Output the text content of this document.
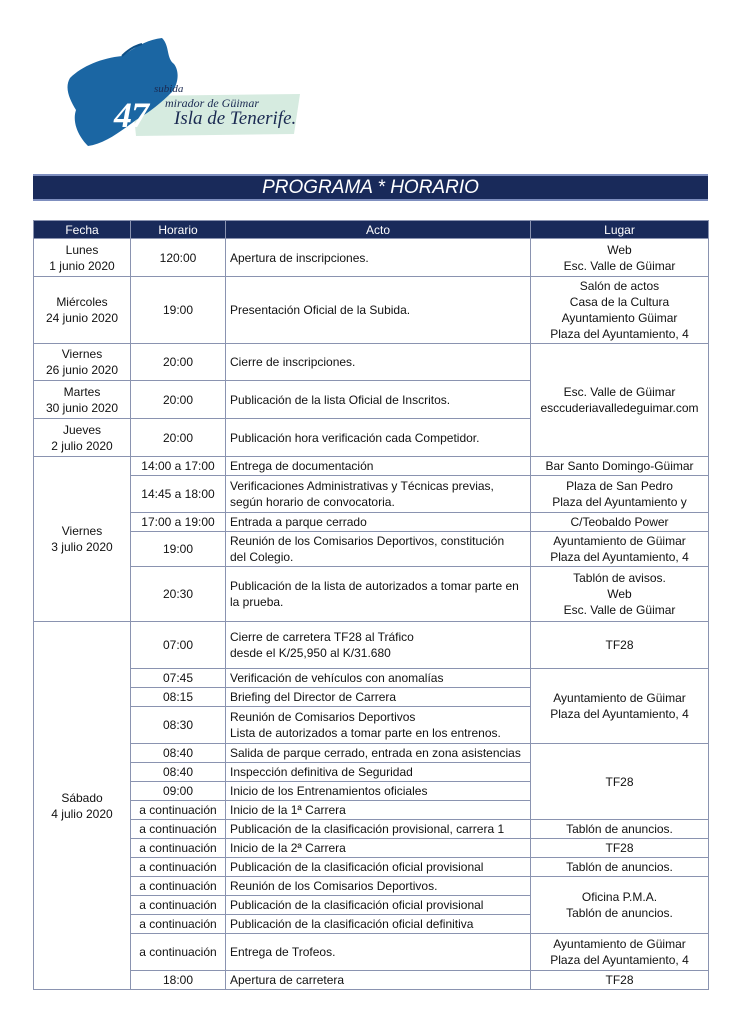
47
subida
mirador de Güimar
Isla de Tenerife.
PROGRAMA * HORARIO
Fecha	Horario	Acto	Lugar
Lunes
1 junio 2020	120:00	Apertura de inscripciones.	Web
Esc. Valle de Güimar
Miércoles
24 junio 2020	19:00	Presentación Oficial de la Subida.	Salón de actos
Casa de la Cultura
Ayuntamiento Güimar
Plaza del Ayuntamiento, 4
Viernes
26 junio 2020	20:00	Cierre de inscripciones.	Esc. Valle de Güimar
esccuderiavalledeguimar.com
Martes
30 junio 2020	20:00	Publicación de la lista Oficial de Inscritos.	
Jueves
2 julio 2020	20:00	Publicación hora verificación cada Competidor.	
Viernes
3 julio 2020	14:00 a 17:00	Entrega de documentación	Bar Santo Domingo-Güimar
	14:45 a 18:00	Verificaciones Administrativas y Técnicas previas,
según horario de convocatoria.	Plaza de San Pedro
Plaza del Ayuntamiento y

	17:00 a 19:00	Entrada a parque cerrado	C/Teobaldo Power
	19:00	Reunión de los Comisarios Deportivos, constitución
del Colegio.	Ayuntamiento de Güimar
Plaza del Ayuntamiento, 4
	20:30	Publicación de la lista de autorizados a tomar parte en
la prueba.	Tablón de avisos.
Web
Esc. Valle de Güimar
Sábado
4 julio 2020	07:00	Cierre de carretera TF28 al Tráfico
desde el K/25,950 al K/31.680	TF28
	07:45	Verificación de vehículos con anomalías	Ayuntamiento de Güimar
Plaza del Ayuntamiento, 4
	08:15	Briefing del Director de Carrera	
	08:30	Reunión de Comisarios Deportivos
Lista de autorizados a tomar parte en los entrenos.	
	08:40	Salida de parque cerrado, entrada en zona asistencias	TF28
	08:40	Inspección definitiva de Seguridad	
	09:00	Inicio de los Entrenamientos oficiales	
	a continuación	Inicio de la 1ª Carrera	
	a continuación	Publicación de la clasificación provisional, carrera 1	Tablón de anuncios.
	a continuación	Inicio de la 2ª Carrera	TF28
	a continuación	Publicación de la clasificación oficial provisional	Tablón de anuncios.
	a continuación	Reunión de los Comisarios Deportivos.	Oficina P.M.A.
Tablón de anuncios.
	a continuación	Publicación de la clasificación oficial provisional	
	a continuación	Publicación de la clasificación oficial definitiva	
	a continuación	Entrega de Trofeos.	Ayuntamiento de Güimar
Plaza del Ayuntamiento, 4
	18:00	Apertura de carretera	TF28
